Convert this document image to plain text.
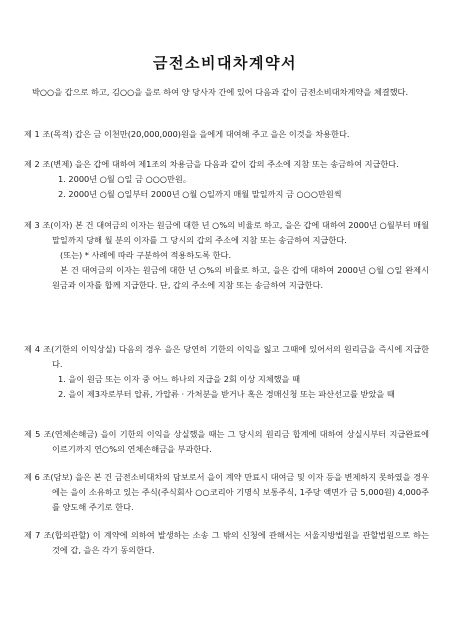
금전소비대차계약서
박○○을 갑으로 하고, 김○○을 을로 하여 양 당사자 간에 있어 다음과 같이 금전소비대차계약을 체결했다.
제 1 조(목적) 갑은 금 이천만(20,000,000)원을 을에게 대여해 주고 을은 이것을 차용한다.
제 2 조(변제) 을은 갑에 대하여 제1조의 차용금을 다음과 같이 갑의 주소에 지참 또는 송금하여 지급한다.
1. 2000년 ○월 ○일 금 ○○○만원。
2. 2000년 ○월 ○일부터 2000년 ○월 ○일까지 매월 말일까지 금 ○○○만원씩
제 3 조(이자) 본 건 대여금의 이자는 원금에 대한 년 ○%의 비율로 하고, 을은 갑에 대하여 2000년 ○월부터 매월 말일까지 당해 월 분의 이자를 그 당시의 갑의 주소에 지참 또는 송금하여 지급한다.
(또는) * 사례에 따라 구분하여 적용하도록 한다.
본 건 대여금의 이자는 원금에 대한 년 ○%의 비율로 하고, 을은 갑에 대하여 2000년 ○월 ○일 완제시 원금과 이자를 합께 지급한다. 단, 갑의 주소에 지참 또는 송금하여 지급한다.
제 4 조(기한의 이익상실) 다음의 경우 을은 당연히 기한의 이익을 잃고 그때에 있어서의 원리금을 즉시에 지급한다.
1. 을이 원금 또는 이자 중 어느 하나의 지급을 2회 이상 지체했을 때
2. 을이 제3자로부터 압류, 가압류 · 가처분을 받거나 혹은 경매신청 또는 파산선고를 받았을 때
제 5 조(연체손해금) 을이 기한의 이익을 상실했을 때는 그 당시의 원리금 합계에 대하여 상실시부터 지급완료에 이르기까지 연○%의 연체손해금을 부과한다.
제 6 조(담보) 을은 본 건 금전소비대차의 담보로서 을이 계약 만료시 대여금 및 이자 등을 변제하지 못하였을 경우에는 을이 소유하고 있는 주식(주식회사 ○○코리아 기명식 보통주식, 1주당 액면가 금 5,000원) 4,000주를 양도해 주기로 한다.
제 7 조(합의관할) 이 계약에 의하여 발생하는 소송 그 밖의 신청에 관해서는 서울지방법원을 관할법원으로 하는 것에 갑, 을은 각기 동의한다.
